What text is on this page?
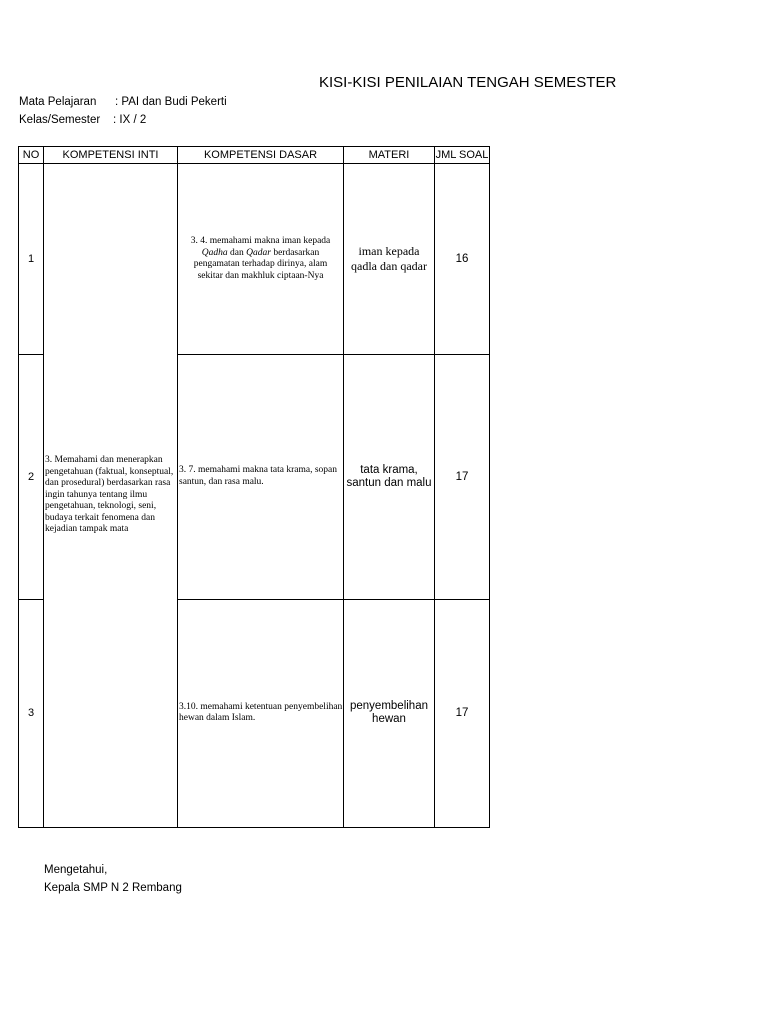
KISI-KISI PENILAIAN TENGAH SEMESTER
Mata Pelajaran : PAI dan Budi Pekerti
Kelas/Semester : IX / 2
NO	KOMPETENSI INTI	KOMPETENSI DASAR	MATERI	JML SOAL
1	3. Memahami dan menerapkan pengetahuan (faktual, konseptual, dan prosedural) berdasarkan rasa ingin tahunya tentang ilmu pengetahuan, teknologi, seni, budaya terkait fenomena dan kejadian tampak mata	3. 4. memahami makna iman kepada Qadha dan Qadar berdasarkan pengamatan terhadap dirinya, alam sekitar dan makhluk ciptaan-Nya	iman kepada qadla dan qadar	16
2		3. 7. memahami makna tata krama, sopan santun, dan rasa malu.	tata krama, santun dan malu	17
3		3.10. memahami ketentuan penyembelihan hewan dalam Islam.	penyembelihan hewan	17
Mengetahui,
Kepala SMP N 2 Rembang
